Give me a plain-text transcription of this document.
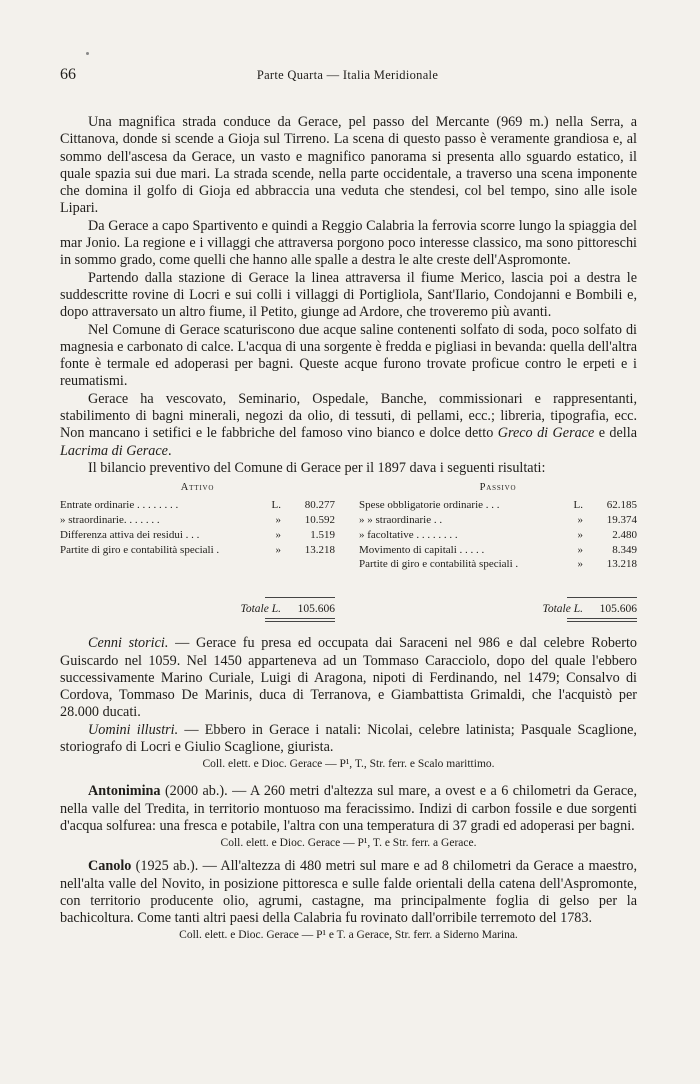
66	Parte Quarta — Italia Meridionale

Una magnifica strada conduce da Gerace, pel passo del Mercante (969 m.) nella Serra, a Cittanova, donde si scende a Gioja sul Tirreno. La scena di questo passo è veramente grandiosa e, al sommo dell'ascesa da Gerace, un vasto e magnifico panorama si presenta allo sguardo estatico, il quale spazia sui due mari. La strada scende, nella parte occidentale, a traverso una scena imponente che domina il golfo di Gioja ed abbraccia una veduta che stendesi, col bel tempo, sino alle isole Lipari.

Da Gerace a capo Spartivento e quindi a Reggio Calabria la ferrovia scorre lungo la spiaggia del mar Jonio. La regione e i villaggi che attraversa porgono poco interesse classico, ma sono pittoreschi in sommo grado, come quelli che hanno alle spalle a destra le alte creste dell'Aspromonte.

Partendo dalla stazione di Gerace la linea attraversa il fiume Merico, lascia poi a destra le suddescritte rovine di Locri e sui colli i villaggi di Portigliola, Sant'Ilario, Condojanni e Bombili e, dopo attraversato un altro fiume, il Petito, giunge ad Ardore, che troveremo più avanti.

Nel Comune di Gerace scaturiscono due acque saline contenenti solfato di soda, poco solfato di magnesia e carbonato di calce. L'acqua di una sorgente è fredda e pigliasi in bevanda: quella dell'altra fonte è termale ed adoperasi per bagni. Queste acque furono trovate proficue contro le erpeti e i reumatismi.

Gerace ha vescovato, Seminario, Ospedale, Banche, commissionari e rappresentanti, stabilimento di bagni minerali, negozi da olio, di tessuti, di pellami, ecc.; libreria, tipografia, ecc. Non mancano i setifici e le fabbriche del famoso vino bianco e dolce detto Greco di Gerace e della Lacrima di Gerace.

Il bilancio preventivo del Comune di Gerace per il 1897 dava i seguenti risultati:

Attivo
Entrate ordinarie . . . . . . . .	L.	80.277
» straordinarie. . . . . . .	»	10.592
Differenza attiva dei residui . . .	»	1.519
Partite di giro e contabilità speciali .	»	13.218
Totale L.	105.606
Passivo
Spese obbligatorie ordinarie . . .	L.	62.185
» » straordinarie . .	»	19.374
» facoltative . . . . . . . .	»	2.480
Movimento di capitali . . . . .	»	8.349
Partite di giro e contabilità speciali .	»	13.218
Totale L.	105.606

Cenni storici. — Gerace fu presa ed occupata dai Saraceni nel 986 e dal celebre Roberto Guiscardo nel 1059. Nel 1450 apparteneva ad un Tommaso Caracciolo, dopo del quale l'ebbero successivamente Marino Curiale, Luigi di Aragona, nipoti di Ferdinando, nel 1479; Consalvo di Cordova, Tommaso De Marinis, duca di Terranova, e Giambattista Grimaldi, che l'acquistò per 28.000 ducati.

Uomini illustri. — Ebbero in Gerace i natali: Nicolai, celebre latinista; Pasquale Scaglione, storiografo di Locri e Giulio Scaglione, giurista.

Coll. elett. e Dioc. Gerace — P¹, T., Str. ferr. e Scalo marittimo.

Antonimina (2000 ab.). — A 260 metri d'altezza sul mare, a ovest e a 6 chilometri da Gerace, nella valle del Tredita, in territorio montuoso ma feracissimo. Indizi di carbon fossile e due sorgenti d'acqua solfurea: una fresca e potabile, l'altra con una temperatura di 37 gradi ed adoperasi per bagni.

Coll. elett. e Dioc. Gerace — P¹, T. e Str. ferr. a Gerace.

Canolo (1925 ab.). — All'altezza di 480 metri sul mare e ad 8 chilometri da Gerace a maestro, nell'alta valle del Novito, in posizione pittoresca e sulle falde orientali della catena dell'Aspromonte, con territorio producente olio, agrumi, castagne, ma principalmente foglia di gelso per la bachicoltura. Come tanti altri paesi della Calabria fu rovinato dall'orribile terremoto del 1783.

Coll. elett. e Dioc. Gerace — P¹ e T. a Gerace, Str. ferr. a Siderno Marina.
